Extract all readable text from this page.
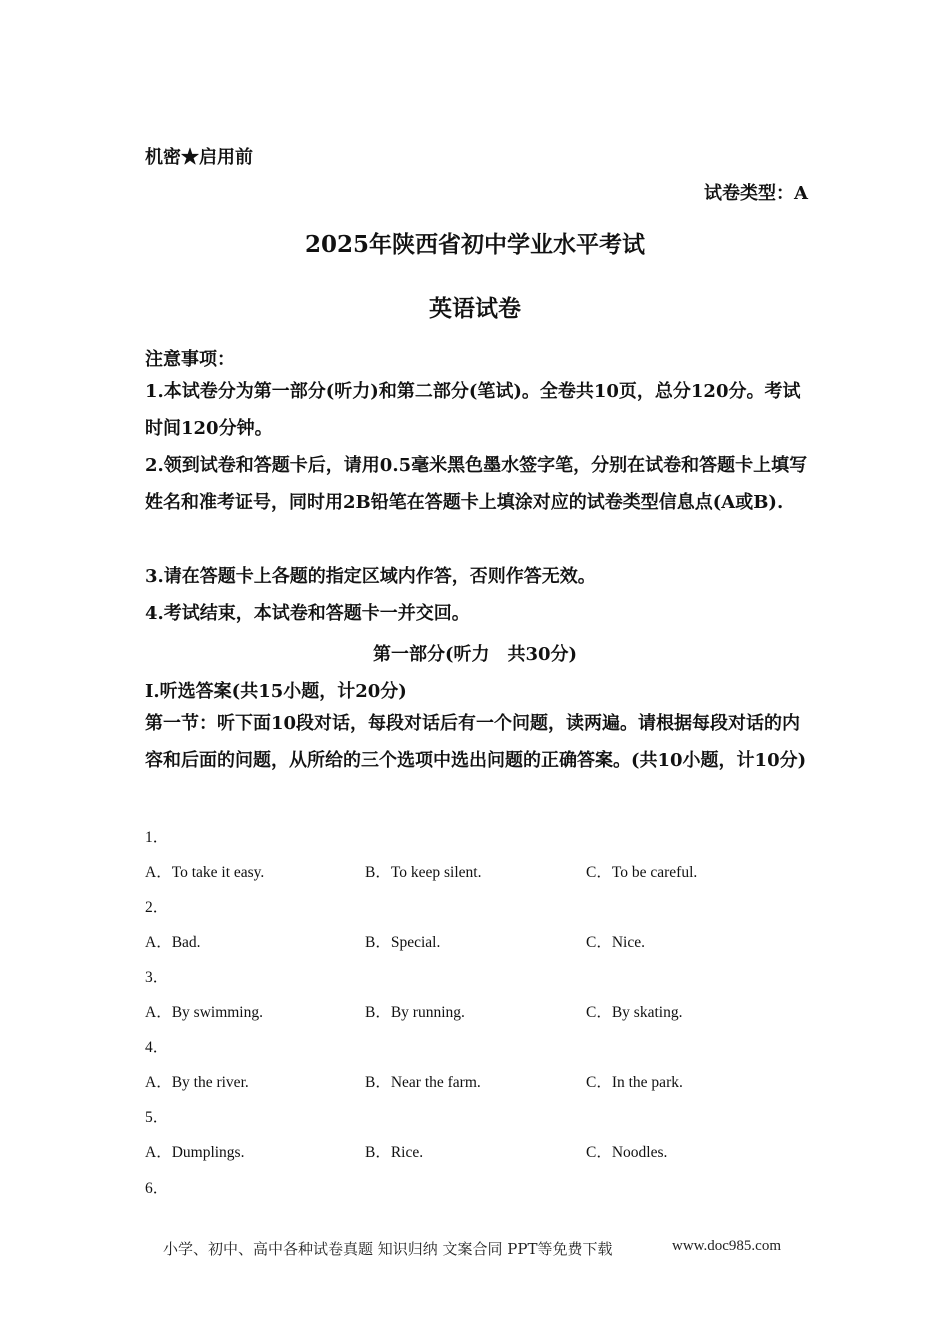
机密★启用前
试卷类型：A
2025年陕西省初中学业水平考试
英语试卷
注意事项：
1.本试卷分为第一部分(听力)和第二部分(笔试)。全卷共10页，总分120分。考试时间120分钟。
2.领到试卷和答题卡后，请用0.5毫米黑色墨水签字笔，分别在试卷和答题卡上填写姓名和准考证号，同时用2B铅笔在答题卡上填涂对应的试卷类型信息点(A或B).
3.请在答题卡上各题的指定区域内作答，否则作答无效。
4.考试结束，本试卷和答题卡一并交回。
第一部分(听力　共30分)
I.听选答案(共15小题，计20分)
第一节：听下面10段对话，每段对话后有一个问题，读两遍。请根据每段对话的内容和后面的问题，从所给的三个选项中选出问题的正确答案。(共10小题，计10分)
1．
A．To take it easy.	B．To keep silent.	C．To be careful.
2．
A．Bad.	B．Special.	C．Nice.
3．
A．By swimming.	B．By running.	C．By skating.
4．
A．By the river.	B．Near the farm.	C．In the park.
5．
A．Dumplings.	B．Rice.	C．Noodles.
6．
小学、初中、高中各种试卷真题 知识归纳 文案合同 PPT等免费下载	www.doc985.com
